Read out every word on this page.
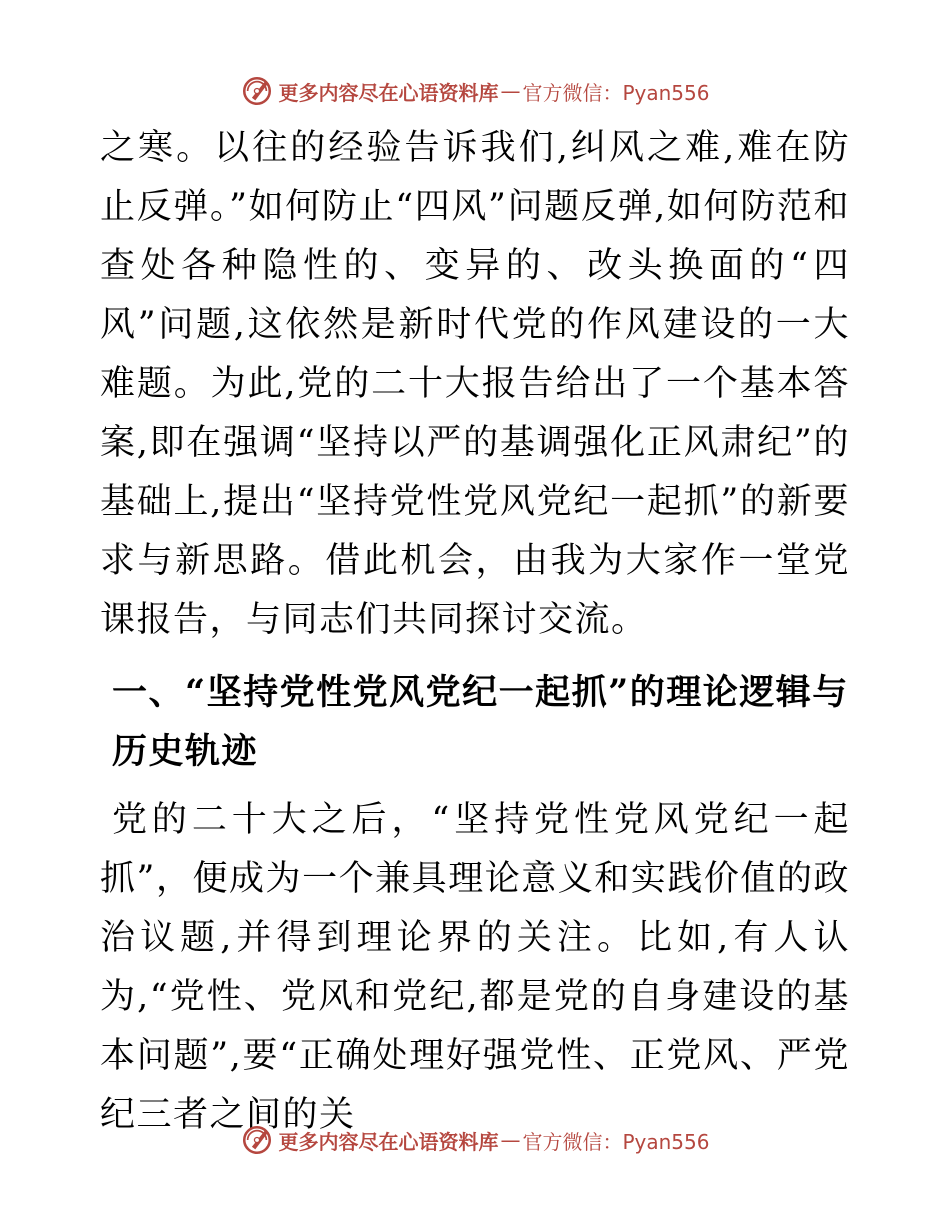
更多内容尽在心语资料库 — 官方微信：Pyan556

之寒。以往的经验告诉我们,纠风之难,难在防止反弹。”如何防止“四风”问题反弹,如何防范和查处各种隐性的、变异的、改头换面的“四风”问题,这依然是新时代党的作风建设的一大难题。为此,党的二十大报告给出了一个基本答案,即在强调“坚持以严的基调强化正风肃纪”的基础上,提出“坚持党性党风党纪一起抓”的新要求与新思路。借此机会，由我为大家作一堂党课报告，与同志们共同探讨交流。

一、“坚持党性党风党纪一起抓”的理论逻辑与历史轨迹

党的二十大之后，“坚持党性党风党纪一起抓”，便成为一个兼具理论意义和实践价值的政治议题,并得到理论界的关注。比如,有人认为,“党性、党风和党纪,都是党的自身建设的基本问题”,要“正确处理好强党性、正党风、严党纪三者之间的关

更多内容尽在心语资料库 — 官方微信：Pyan556
